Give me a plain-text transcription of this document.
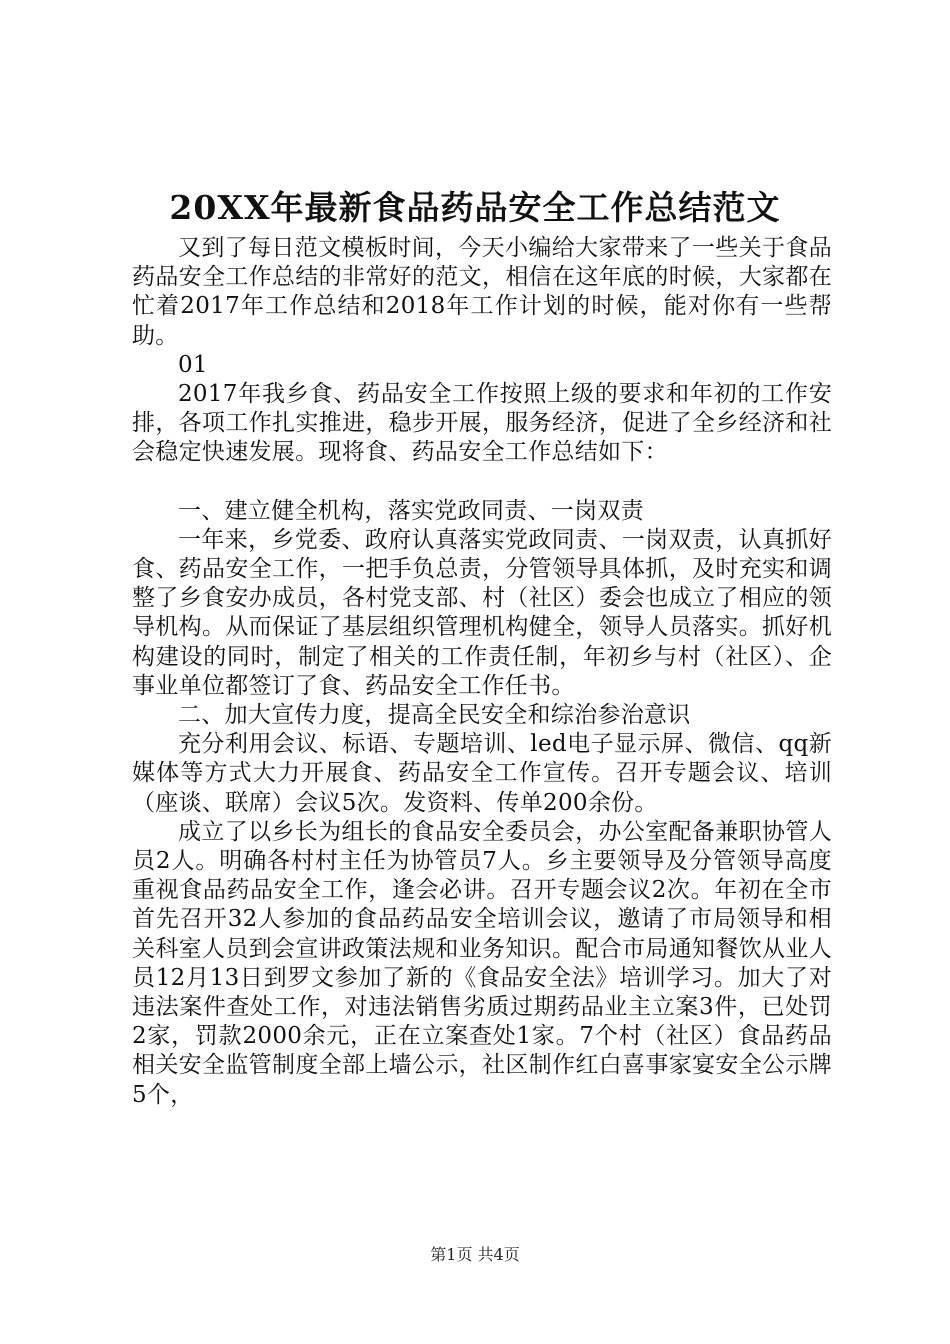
20XX年最新食品药品安全工作总结范文

又到了每日范文模板时间，今天小编给大家带来了一些关于食品药品安全工作总结的非常好的范文，相信在这年底的时候，大家都在忙着2017年工作总结和2018年工作计划的时候，能对你有一些帮助。

01

2017年我乡食、药品安全工作按照上级的要求和年初的工作安排，各项工作扎实推进，稳步开展，服务经济，促进了全乡经济和社会稳定快速发展。现将食、药品安全工作总结如下：

一、建立健全机构，落实党政同责、一岗双责

一年来，乡党委、政府认真落实党政同责、一岗双责，认真抓好食、药品安全工作，一把手负总责，分管领导具体抓，及时充实和调整了乡食安办成员，各村党支部、村（社区）委会也成立了相应的领导机构。从而保证了基层组织管理机构健全，领导人员落实。抓好机构建设的同时，制定了相关的工作责任制，年初乡与村（社区）、企事业单位都签订了食、药品安全工作任书。

二、加大宣传力度，提高全民安全和综治参治意识

充分利用会议、标语、专题培训、led电子显示屏、微信、qq新媒体等方式大力开展食、药品安全工作宣传。召开专题会议、培训（座谈、联席）会议5次。发资料、传单200余份。

成立了以乡长为组长的食品安全委员会，办公室配备兼职协管人员2人。明确各村村主任为协管员7人。乡主要领导及分管领导高度重视食品药品安全工作，逢会必讲。召开专题会议2次。年初在全市首先召开32人参加的食品药品安全培训会议，邀请了市局领导和相关科室人员到会宣讲政策法规和业务知识。配合市局通知餐饮从业人员12月13日到罗文参加了新的《食品安全法》培训学习。加大了对违法案件查处工作，对违法销售劣质过期药品业主立案3件，已处罚2家，罚款2000余元，正在立案查处1家。7个村（社区）食品药品相关安全监管制度全部上墙公示，社区制作红白喜事家宴安全公示牌5个，

第1页 共4页
